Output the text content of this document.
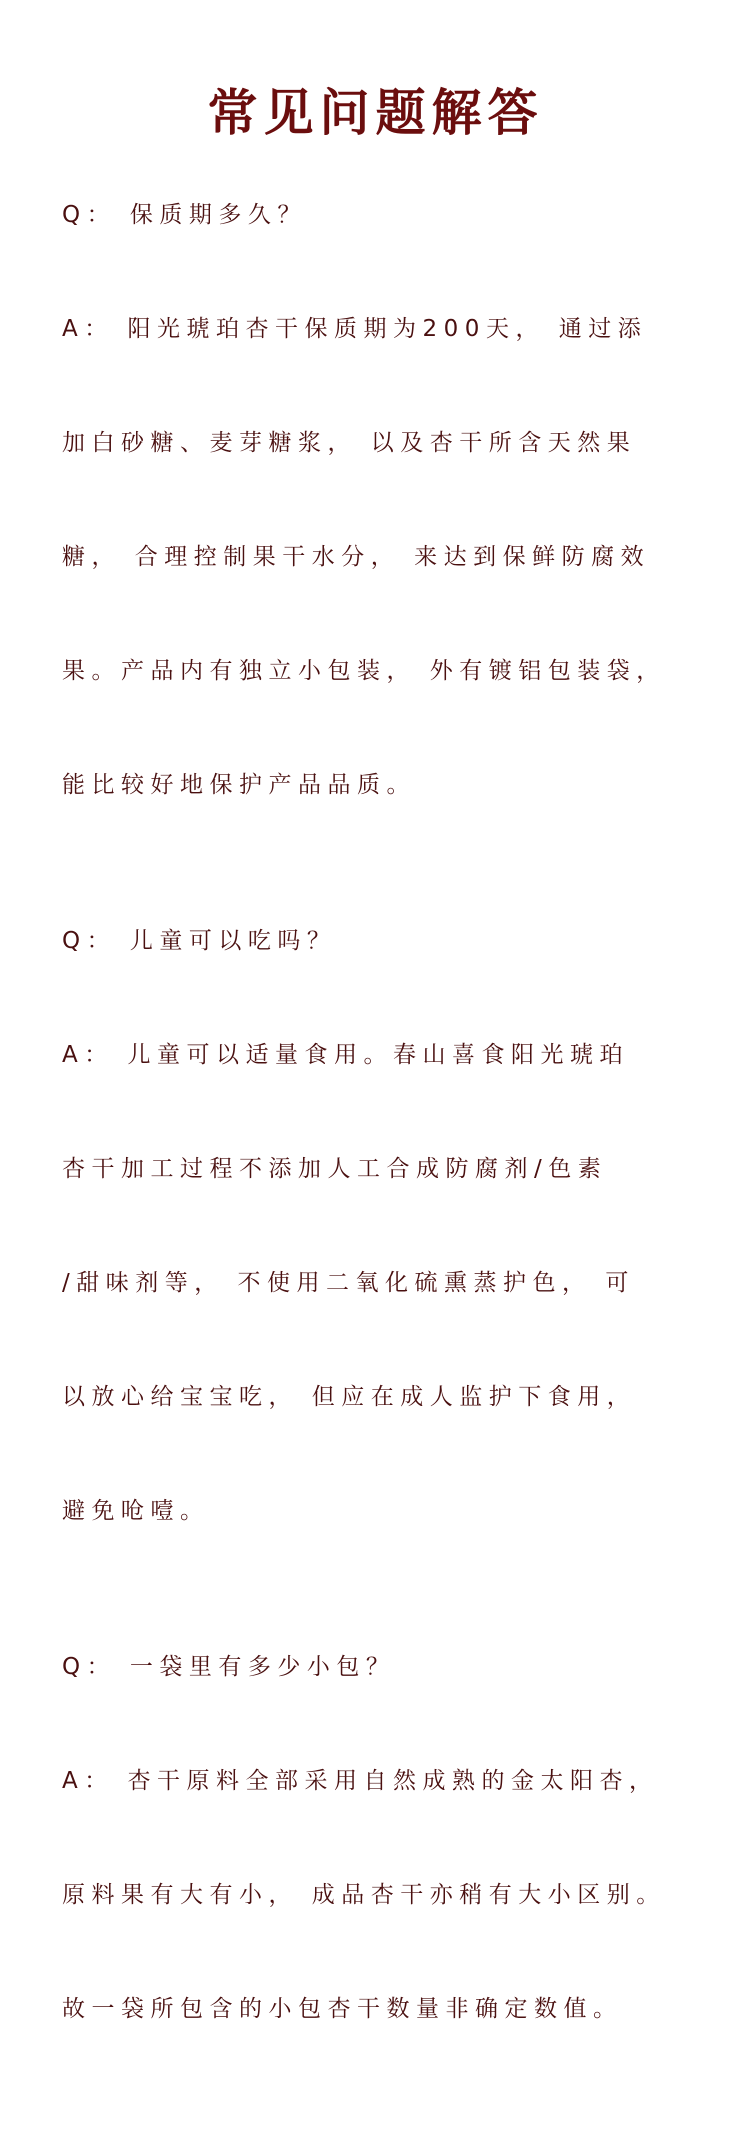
常见问题解答

Q： 保质期多久？

A： 阳光琥珀杏干保质期为200天， 通过添

加白砂糖、麦芽糖浆， 以及杏干所含天然果

糖， 合理控制果干水分， 来达到保鲜防腐效

果。产品内有独立小包装， 外有镀铝包装袋，

能比较好地保护产品品质。

Q： 儿童可以吃吗？

A： 儿童可以适量食用。春山喜食阳光琥珀

杏干加工过程不添加人工合成防腐剂/色素

/甜味剂等， 不使用二氧化硫熏蒸护色， 可

以放心给宝宝吃， 但应在成人监护下食用，

避免呛噎。

Q： 一袋里有多少小包？

A： 杏干原料全部采用自然成熟的金太阳杏，

原料果有大有小， 成品杏干亦稍有大小区别。

故一袋所包含的小包杏干数量非确定数值。
